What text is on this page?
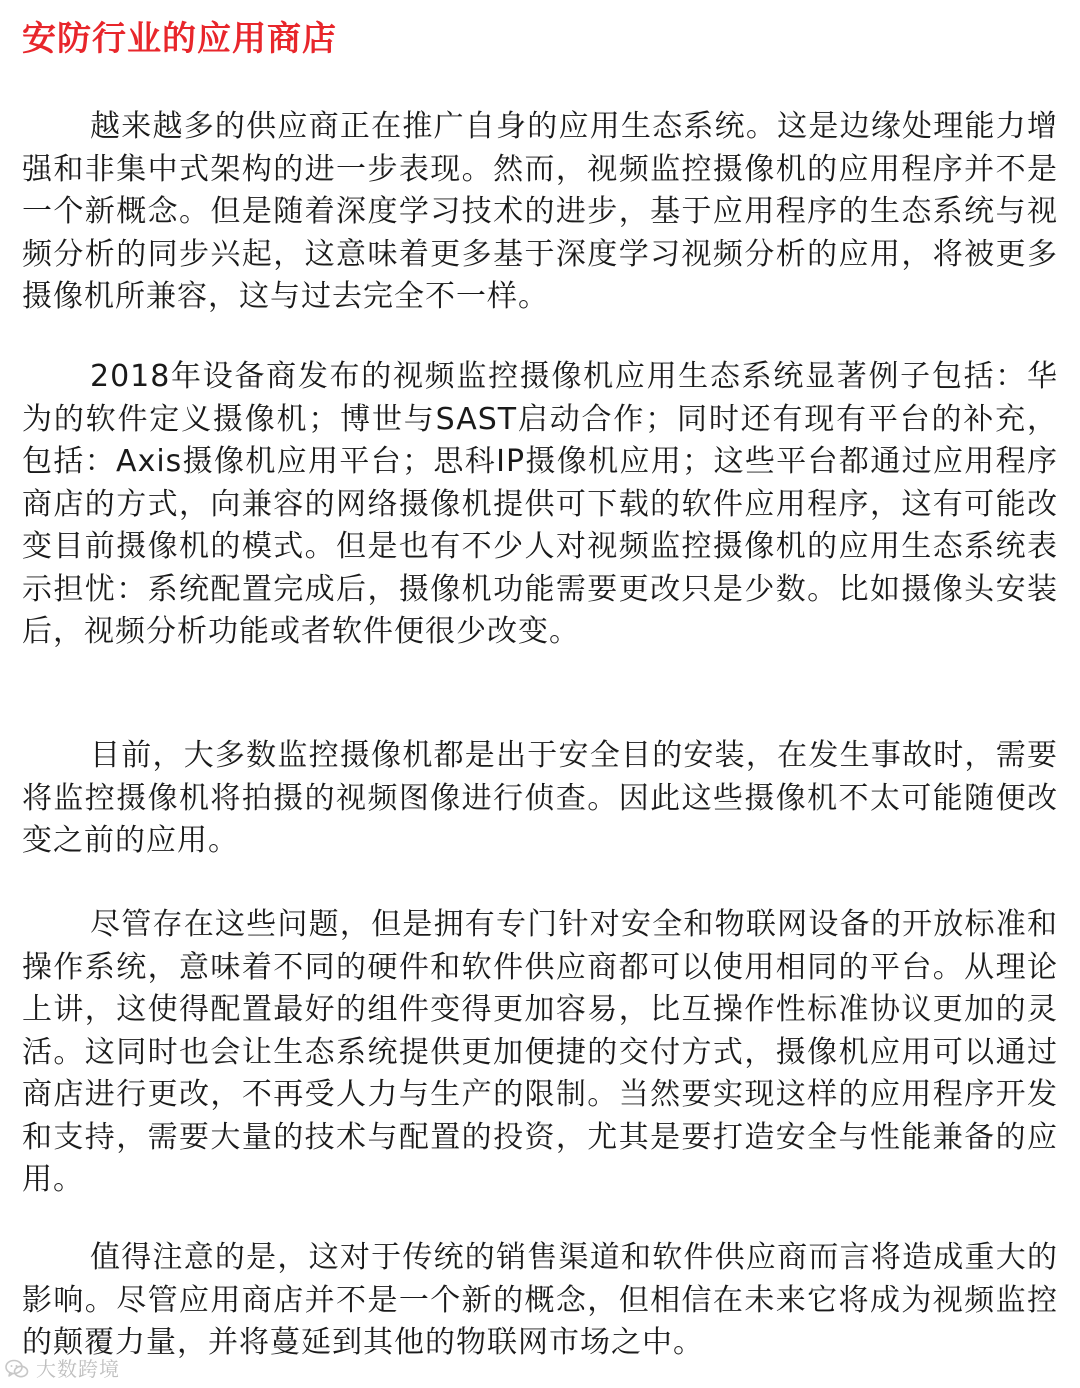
安防行业的应用商店

越来越多的供应商正在推广自身的应用生态系统。这是边缘处理能力增强和非集中式架构的进一步表现。然而，视频监控摄像机的应用程序并不是一个新概念。但是随着深度学习技术的进步，基于应用程序的生态系统与视频分析的同步兴起，这意味着更多基于深度学习视频分析的应用，将被更多摄像机所兼容，这与过去完全不一样。

2018年设备商发布的视频监控摄像机应用生态系统显著例子包括：华为的软件定义摄像机；博世与SAST启动合作；同时还有现有平台的补充，包括：Axis摄像机应用平台；思科IP摄像机应用；这些平台都通过应用程序商店的方式，向兼容的网络摄像机提供可下载的软件应用程序，这有可能改变目前摄像机的模式。但是也有不少人对视频监控摄像机的应用生态系统表示担忧：系统配置完成后，摄像机功能需要更改只是少数。比如摄像头安装后，视频分析功能或者软件便很少改变。

目前，大多数监控摄像机都是出于安全目的安装，在发生事故时，需要将监控摄像机将拍摄的视频图像进行侦查。因此这些摄像机不太可能随便改变之前的应用。

尽管存在这些问题，但是拥有专门针对安全和物联网设备的开放标准和操作系统，意味着不同的硬件和软件供应商都可以使用相同的平台。从理论上讲，这使得配置最好的组件变得更加容易，比互操作性标准协议更加的灵活。这同时也会让生态系统提供更加便捷的交付方式，摄像机应用可以通过商店进行更改，不再受人力与生产的限制。当然要实现这样的应用程序开发和支持，需要大量的技术与配置的投资，尤其是要打造安全与性能兼备的应用。

值得注意的是，这对于传统的销售渠道和软件供应商而言将造成重大的影响。尽管应用商店并不是一个新的概念，但相信在未来它将成为视频监控的颠覆力量，并将蔓延到其他的物联网市场之中。

大数跨境
